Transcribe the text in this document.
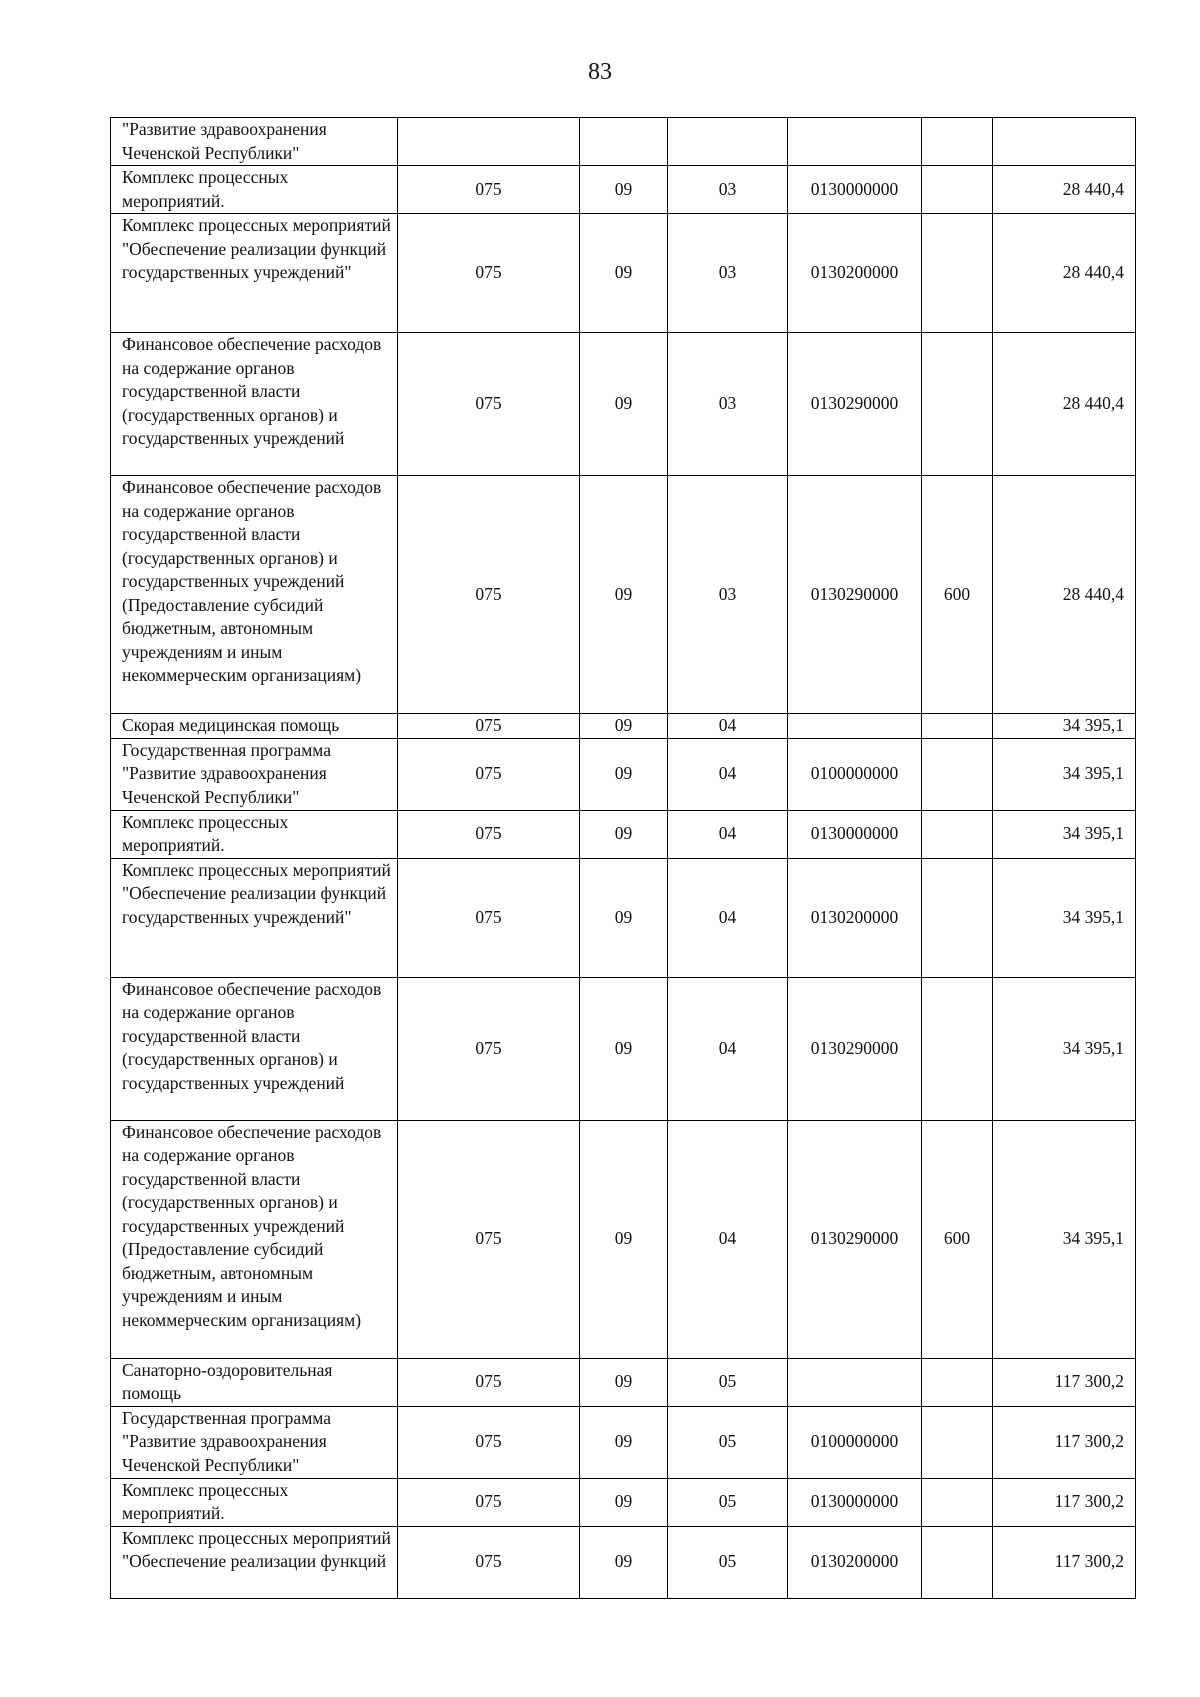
83
"Развитие здравоохранения Чеченской Республики"						
Комплекс процессных мероприятий.	075	09	03	0130000000		28 440,4
Комплекс процессных мероприятий "Обеспечение реализации функций государственных учреждений"	075	09	03	0130200000		28 440,4
Финансовое обеспечение расходов на содержание органов государственной власти (государственных органов) и государственных учреждений	075	09	03	0130290000		28 440,4
Финансовое обеспечение расходов на содержание органов государственной власти (государственных органов) и государственных учреждений (Предоставление субсидий бюджетным, автономным учреждениям и иным некоммерческим организациям)	075	09	03	0130290000	600	28 440,4
Скорая медицинская помощь	075	09	04			34 395,1
Государственная программа "Развитие здравоохранения Чеченской Республики"	075	09	04	0100000000		34 395,1
Комплекс процессных мероприятий.	075	09	04	0130000000		34 395,1
Комплекс процессных мероприятий "Обеспечение реализации функций государственных учреждений"	075	09	04	0130200000		34 395,1
Финансовое обеспечение расходов на содержание органов государственной власти (государственных органов) и государственных учреждений	075	09	04	0130290000		34 395,1
Финансовое обеспечение расходов на содержание органов государственной власти (государственных органов) и государственных учреждений (Предоставление субсидий бюджетным, автономным учреждениям и иным некоммерческим организациям)	075	09	04	0130290000	600	34 395,1
Санаторно-оздоровительная помощь	075	09	05			117 300,2
Государственная программа "Развитие здравоохранения Чеченской Республики"	075	09	05	0100000000		117 300,2
Комплекс процессных мероприятий.	075	09	05	0130000000		117 300,2
Комплекс процессных мероприятий "Обеспечение реализации функций	075	09	05	0130200000		117 300,2
